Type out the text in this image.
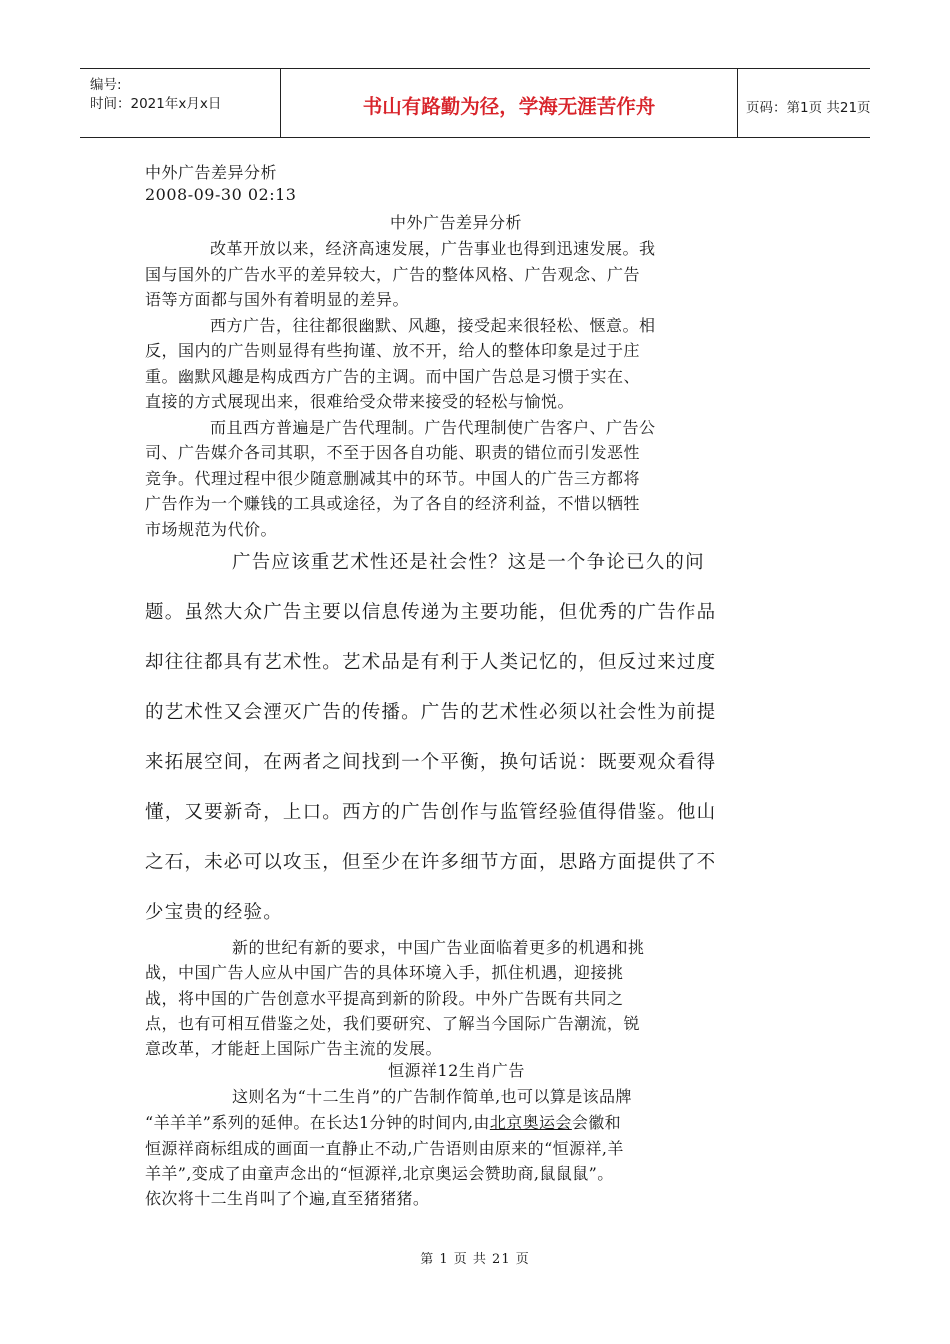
编号:
时间：2021年x月x日	书山有路勤为径，学海无涯苦作舟	页码：第1页 共21页
中外广告差异分析
2008-09-30 02:13
中外广告差异分析
改革开放以来，经济高速发展，广告事业也得到迅速发展。我
国与国外的广告水平的差异较大，广告的整体风格、广告观念、广告
语等方面都与国外有着明显的差异。
西方广告，往往都很幽默、风趣，接受起来很轻松、惬意。相
反，国内的广告则显得有些拘谨、放不开，给人的整体印象是过于庄
重。幽默风趣是构成西方广告的主调。而中国广告总是习惯于实在、
直接的方式展现出来，很难给受众带来接受的轻松与愉悦。
而且西方普遍是广告代理制。广告代理制使广告客户、广告公
司、广告媒介各司其职，不至于因各自功能、职责的错位而引发恶性
竞争。代理过程中很少随意删减其中的环节。中国人的广告三方都将
广告作为一个赚钱的工具或途径，为了各自的经济利益，不惜以牺牲
市场规范为代价。
广告应该重艺术性还是社会性？这是一个争论已久的问
题。虽然大众广告主要以信息传递为主要功能，但优秀的广告作品
却往往都具有艺术性。艺术品是有利于人类记忆的，但反过来过度
的艺术性又会湮灭广告的传播。广告的艺术性必须以社会性为前提
来拓展空间，在两者之间找到一个平衡，换句话说：既要观众看得
懂，又要新奇，上口。西方的广告创作与监管经验值得借鉴。他山
之石，未必可以攻玉，但至少在许多细节方面，思路方面提供了不
少宝贵的经验。
新的世纪有新的要求，中国广告业面临着更多的机遇和挑
战，中国广告人应从中国广告的具体环境入手，抓住机遇，迎接挑
战，将中国的广告创意水平提高到新的阶段。中外广告既有共同之
点，也有可相互借鉴之处，我们要研究、了解当今国际广告潮流，锐
意改革，才能赶上国际广告主流的发展。
恒源祥12生肖广告
这则名为“十二生肖”的广告制作简单,也可以算是该品牌
“羊羊羊”系列的延伸。在长达1分钟的时间内,由北京奥运会会徽和
恒源祥商标组成的画面一直静止不动,广告语则由原来的“恒源祥,羊
羊羊”,变成了由童声念出的“恒源祥,北京奥运会赞助商,鼠鼠鼠”。
依次将十二生肖叫了个遍,直至猪猪猪。
第 1 页 共 21 页
